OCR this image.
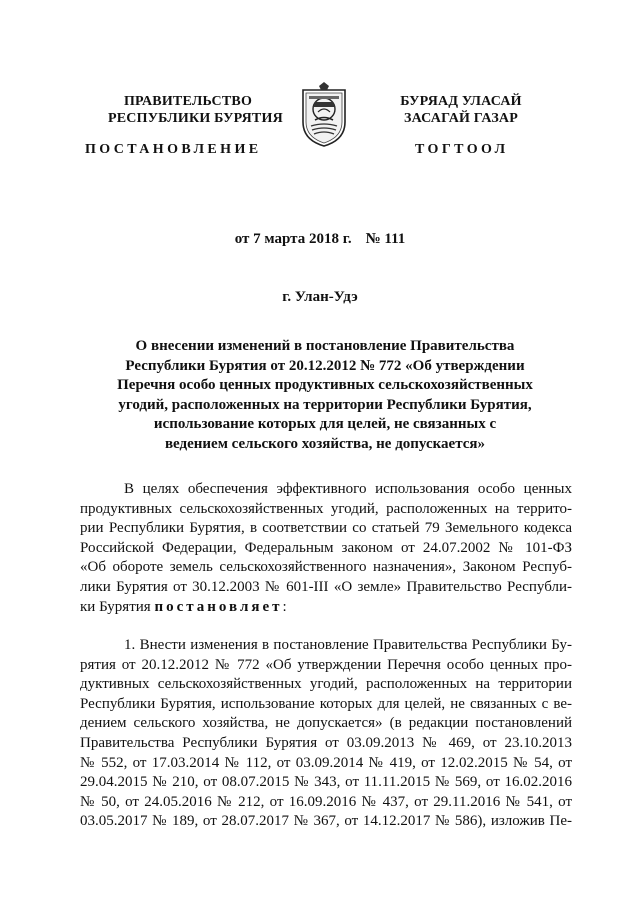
ПРАВИТЕЛЬСТВО
РЕСПУБЛИКИ БУРЯТИЯ
БУРЯАД УЛАСАЙ
ЗАСАГАЙ ГАЗАР
ПОСТАНОВЛЕНИЕ	ТОГТООЛ
от 7 марта 2018 г. № 111
г. Улан-Удэ
О внесении изменений в постановление Правительства
Республики Бурятия от 20.12.2012 № 772 «Об утверждении
Перечня особо ценных продуктивных сельскохозяйственных
угодий, расположенных на территории Республики Бурятия,
использование которых для целей, не связанных с
ведением сельского хозяйства, не допускается»
В целях обеспечения эффективного использования особо ценных
продуктивных сельскохозяйственных угодий, расположенных на террито-
рии Республики Бурятия, в соответствии со статьей 79 Земельного кодекса
Российской Федерации, Федеральным законом от 24.07.2002 № 101-ФЗ
«Об обороте земель сельскохозяйственного назначения», Законом Респуб-
лики Бурятия от 30.12.2003 № 601-III «О земле» Правительство Республи-
ки Бурятия постановляет:
1. Внести изменения в постановление Правительства Республики Бу-
рятия от 20.12.2012 № 772 «Об утверждении Перечня особо ценных про-
дуктивных сельскохозяйственных угодий, расположенных на территории
Республики Бурятия, использование которых для целей, не связанных с ве-
дением сельского хозяйства, не допускается» (в редакции постановлений
Правительства Республики Бурятия от 03.09.2013 № 469, от 23.10.2013
№ 552, от 17.03.2014 № 112, от 03.09.2014 № 419, от 12.02.2015 № 54, от
29.04.2015 № 210, от 08.07.2015 № 343, от 11.11.2015 № 569, от 16.02.2016
№ 50, от 24.05.2016 № 212, от 16.09.2016 № 437, от 29.11.2016 № 541, от
03.05.2017 № 189, от 28.07.2017 № 367, от 14.12.2017 № 586), изложив Пе-
